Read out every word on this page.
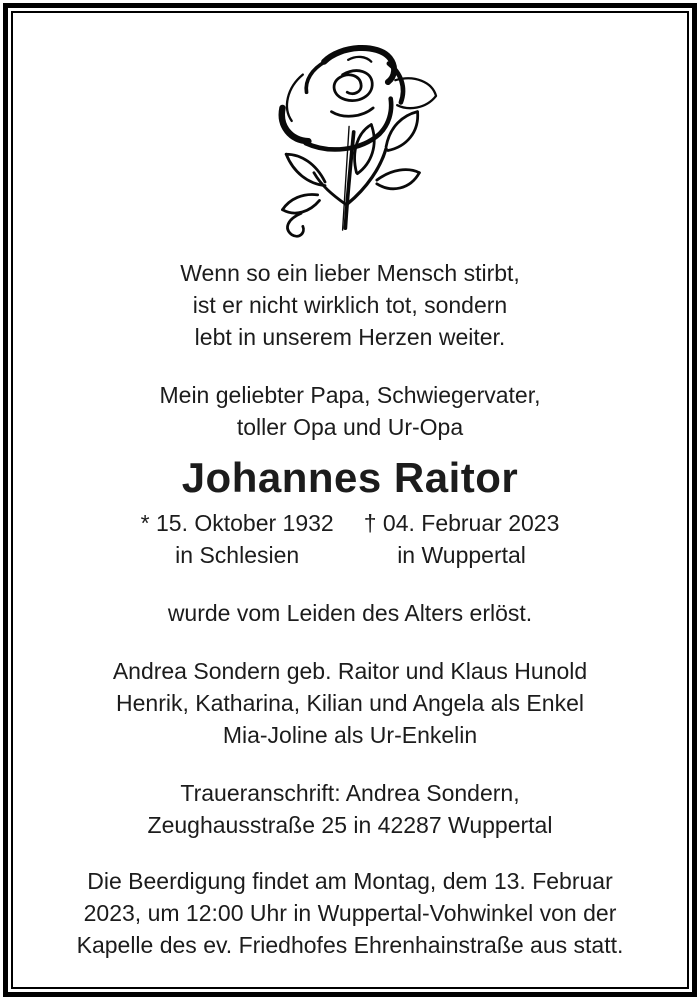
Wenn so ein lieber Mensch stirbt,
ist er nicht wirklich tot, sondern
lebt in unserem Herzen weiter.
Mein geliebter Papa, Schwiegervater,
toller Opa und Ur-Opa
Johannes Raitor
* 15. Oktober 1932
in Schlesien
† 04. Februar 2023
in Wuppertal
wurde vom Leiden des Alters erlöst.
Andrea Sondern geb. Raitor und Klaus Hunold
Henrik, Katharina, Kilian und Angela als Enkel
Mia-Joline als Ur-Enkelin
Traueranschrift: Andrea Sondern,
Zeughausstraße 25 in 42287 Wuppertal
Die Beerdigung findet am Montag, dem 13. Februar
2023, um 12:00 Uhr in Wuppertal-Vohwinkel von der
Kapelle des ev. Friedhofes Ehrenhainstraße aus statt.
